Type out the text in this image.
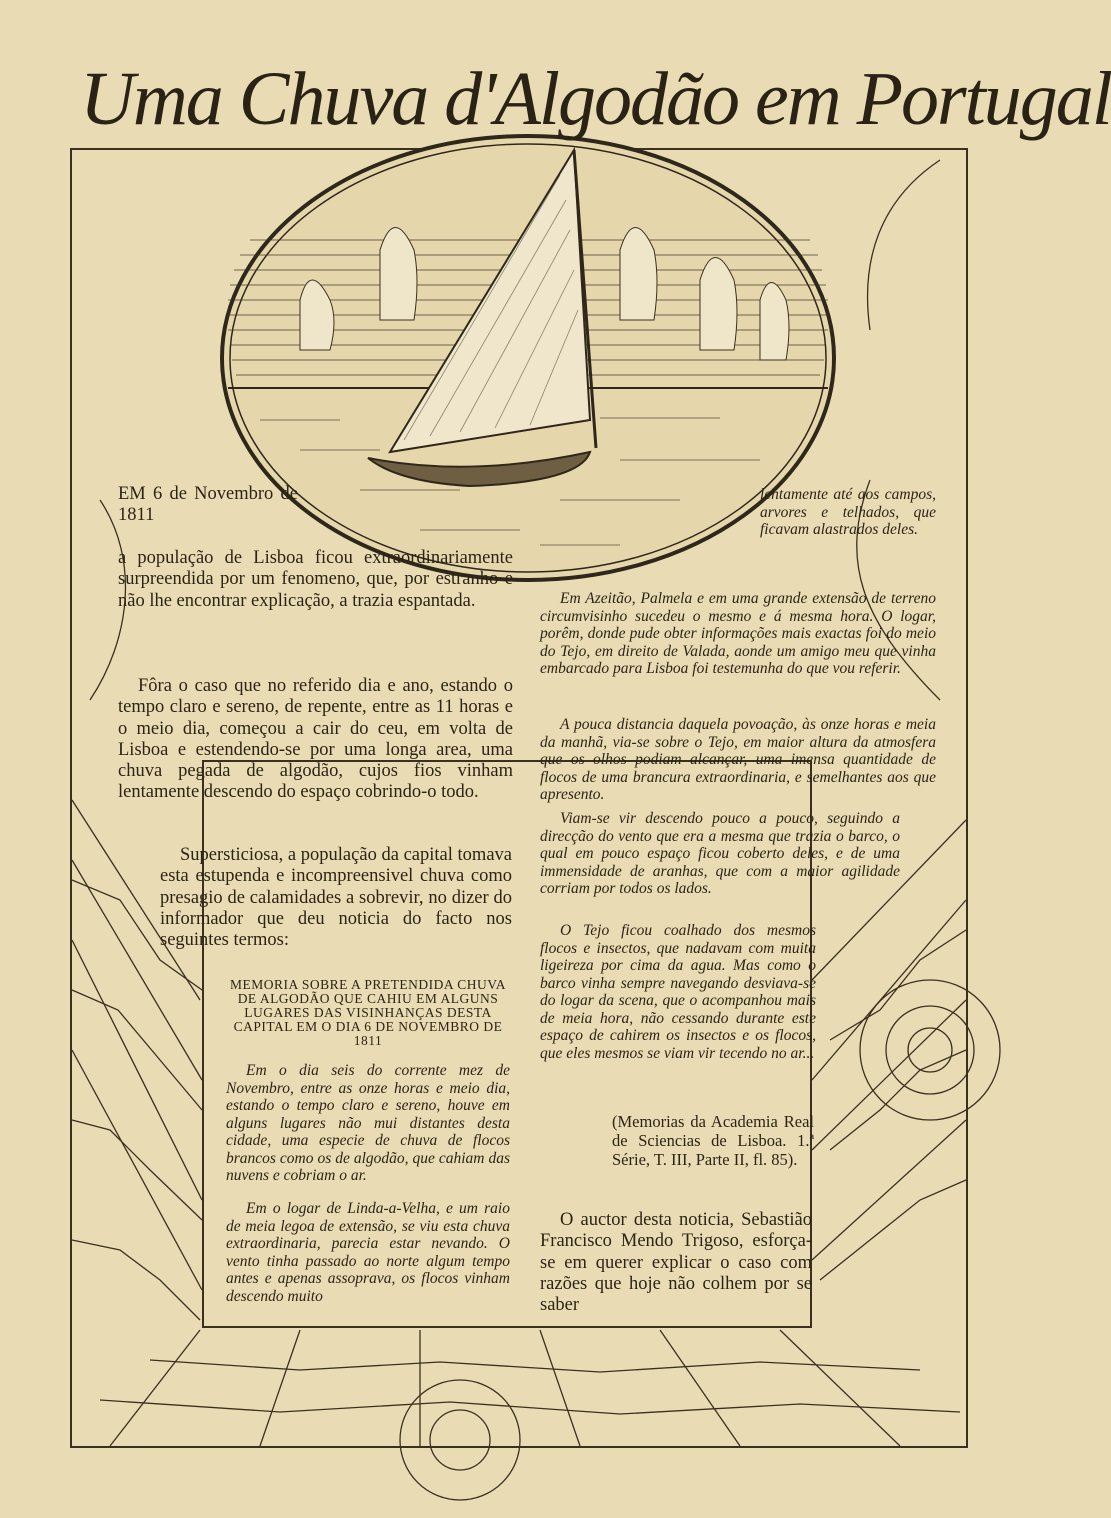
Uma Chuva d'Algodão em Portugal
EM 6 de Novembro de 1811
a população de Lisboa ficou extraordinariamente surpreendida por um fenomeno, que, por estranho e não lhe encontrar explicação, a trazia espantada.
Fôra o caso que no referido dia e ano, estando o tempo claro e sereno, de repente, entre as 11 horas e o meio dia, começou a cair do ceu, em volta de Lisboa e estendendo-se por uma longa area, uma chuva pegada de algodão, cujos fios vinham lentamente descendo do espaço cobrindo-o todo.
Supersticiosa, a população da capital tomava esta estupenda e incompreensivel chuva como presagio de calamidades a sobrevir, no dizer do informador que deu noticia do facto nos seguintes termos:
MEMORIA SOBRE A PRETENDIDA CHUVA DE ALGODÃO QUE CAHIU EM ALGUNS LUGARES DAS VISINHANÇAS DESTA CAPITAL EM O DIA 6 DE NOVEMBRO DE 1811
Em o dia seis do corrente mez de Novembro, entre as onze horas e meio dia, estando o tempo claro e sereno, houve em alguns lugares não mui distantes desta cidade, uma especie de chuva de flocos brancos como os de algodão, que cahiam das nuvens e cobriam o ar.
Em o logar de Linda-a-Velha, e um raio de meia legoa de extensão, se viu esta chuva extraordinaria, parecia estar nevando. O vento tinha passado ao norte algum tempo antes e apenas assoprava, os flocos vinham descendo muito
lentamente até aos campos, arvores e telhados, que ficavam alastrados deles.
Em Azeitão, Palmela e em uma grande extensão de terreno circumvisinho sucedeu o mesmo e á mesma hora. O logar, porêm, donde pude obter informações mais exactas foi do meio do Tejo, em direito de Valada, aonde um amigo meu que vinha embarcado para Lisboa foi testemunha do que vou referir.
A pouca distancia daquela povoação, às onze horas e meia da manhã, via-se sobre o Tejo, em maior altura da atmosfera que os olhos podiam alcançar, uma imensa quantidade de flocos de uma brancura extraordinaria, e semelhantes aos que apresento.
Viam-se vir descendo pouco a pouco, seguindo a direcção do vento que era a mesma que trazia o barco, o qual em pouco espaço ficou coberto deles, e de uma immensidade de aranhas, que com a maior agilidade corriam por todos os lados.
O Tejo ficou coalhado dos mesmos flocos e insectos, que nadavam com muita ligeireza por cima da agua. Mas como o barco vinha sempre navegando desviava-se do logar da scena, que o acompanhou mais de meia hora, não cessando durante este espaço de cahirem os insectos e os flocos, que eles mesmos se viam vir tecendo no ar...
(Memorias da Academia Real de Sciencias de Lisboa. 1.ª Série, T. III, Parte II, fl. 85).
O auctor desta noticia, Sebastião Francisco Mendo Trigoso, esforça-se em querer explicar o caso com razões que hoje não colhem por se saber
